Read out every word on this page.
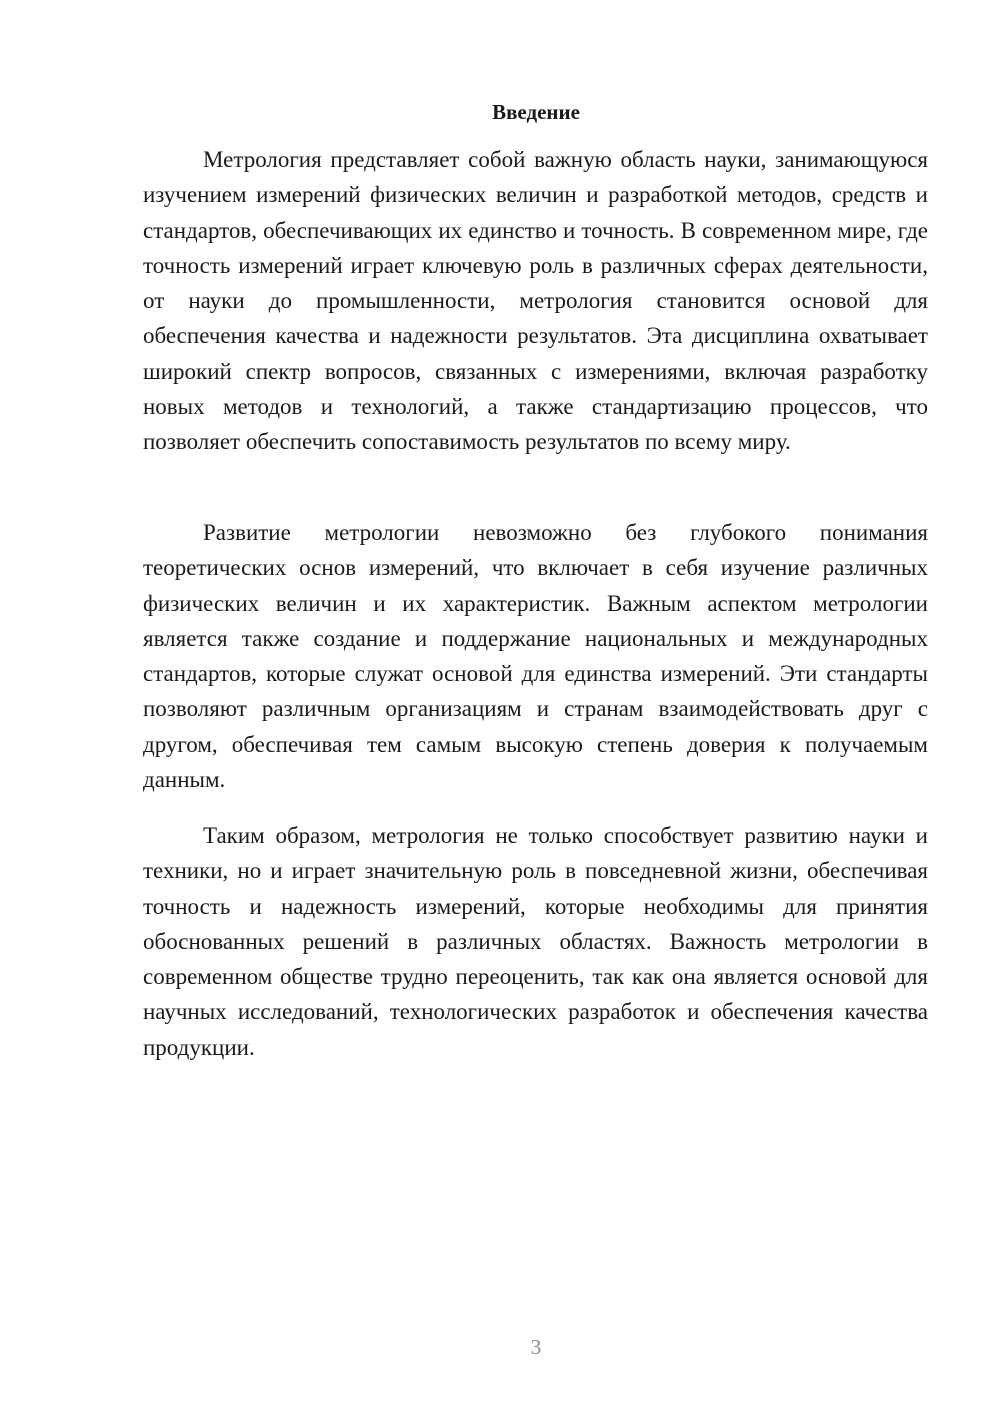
Введение

Метрология представляет собой важную область науки, занимающуюся изучением измерений физических величин и разработкой методов, средств и стандартов, обеспечивающих их единство и точность. В современном мире, где точность измерений играет ключевую роль в различных сферах деятельности, от науки до промышленности, метрология становится основой для обеспечения качества и надежности результатов. Эта дисциплина охватывает широкий спектр вопросов, связанных с измерениями, включая разработку новых методов и технологий, а также стандартизацию процессов, что позволяет обеспечить сопоставимость результатов по всему миру.

Развитие метрологии невозможно без глубокого понимания теоретических основ измерений, что включает в себя изучение различных физических величин и их характеристик. Важным аспектом метрологии является также создание и поддержание национальных и международных стандартов, которые служат основой для единства измерений. Эти стандарты позволяют различным организациям и странам взаимодействовать друг с другом, обеспечивая тем самым высокую степень доверия к получаемым данным.

Таким образом, метрология не только способствует развитию науки и техники, но и играет значительную роль в повседневной жизни, обеспечивая точность и надежность измерений, которые необходимы для принятия обоснованных решений в различных областях. Важность метрологии в современном обществе трудно переоценить, так как она является основой для научных исследований, технологических разработок и обеспечения качества продукции.

3
